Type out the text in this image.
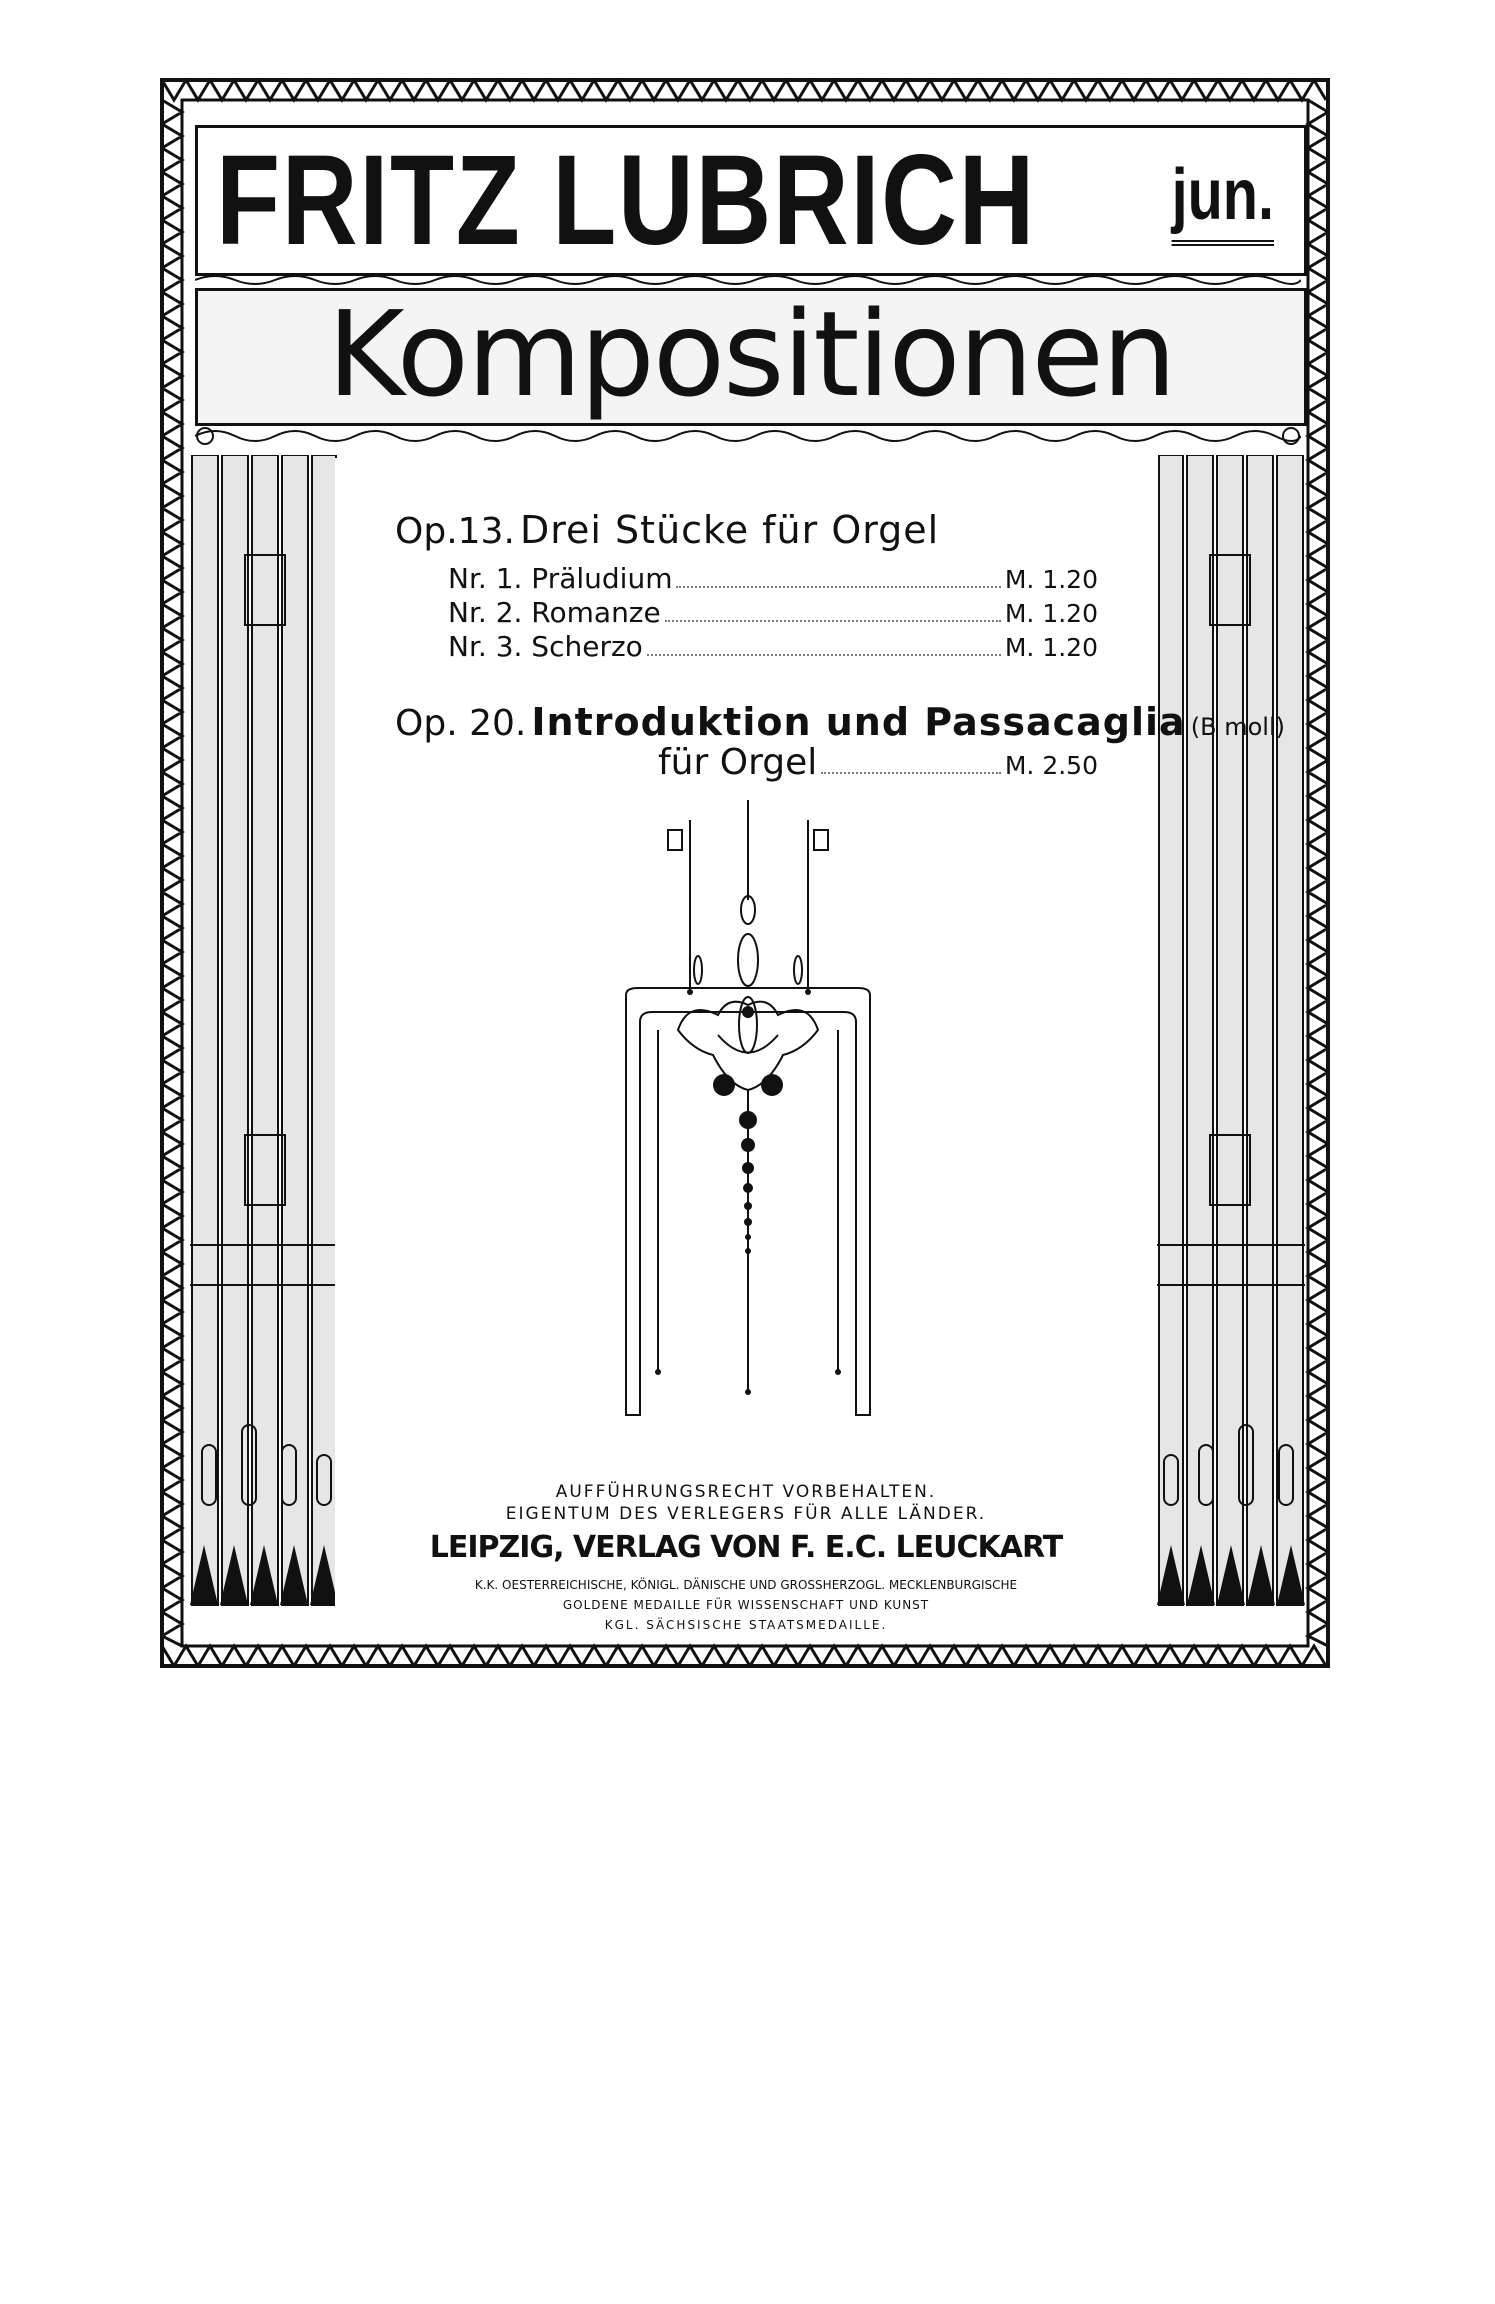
FRITZ LUBRICH jun.
Kompositionen
Op.13. Drei Stücke für Orgel
Nr. 1. Präludium	M. 1.20
Nr. 2. Romanze	M. 1.20
Nr. 3. Scherzo	M. 1.20
Op. 20. Introduktion und Passacaglia (B moll)
für Orgel	M. 2.50
AUFFÜHRUNGSRECHT VORBEHALTEN.
EIGENTUM DES VERLEGERS FÜR ALLE LÄNDER.
LEIPZIG, VERLAG VON F. E.C. LEUCKART
K.K. OESTERREICHISCHE, KÖNIGL. DÄNISCHE UND GROSSHERZOGL. MECKLENBURGISCHE
GOLDENE MEDAILLE FÜR WISSENSCHAFT UND KUNST
KGL. SÄCHSISCHE STAATSMEDAILLE.
